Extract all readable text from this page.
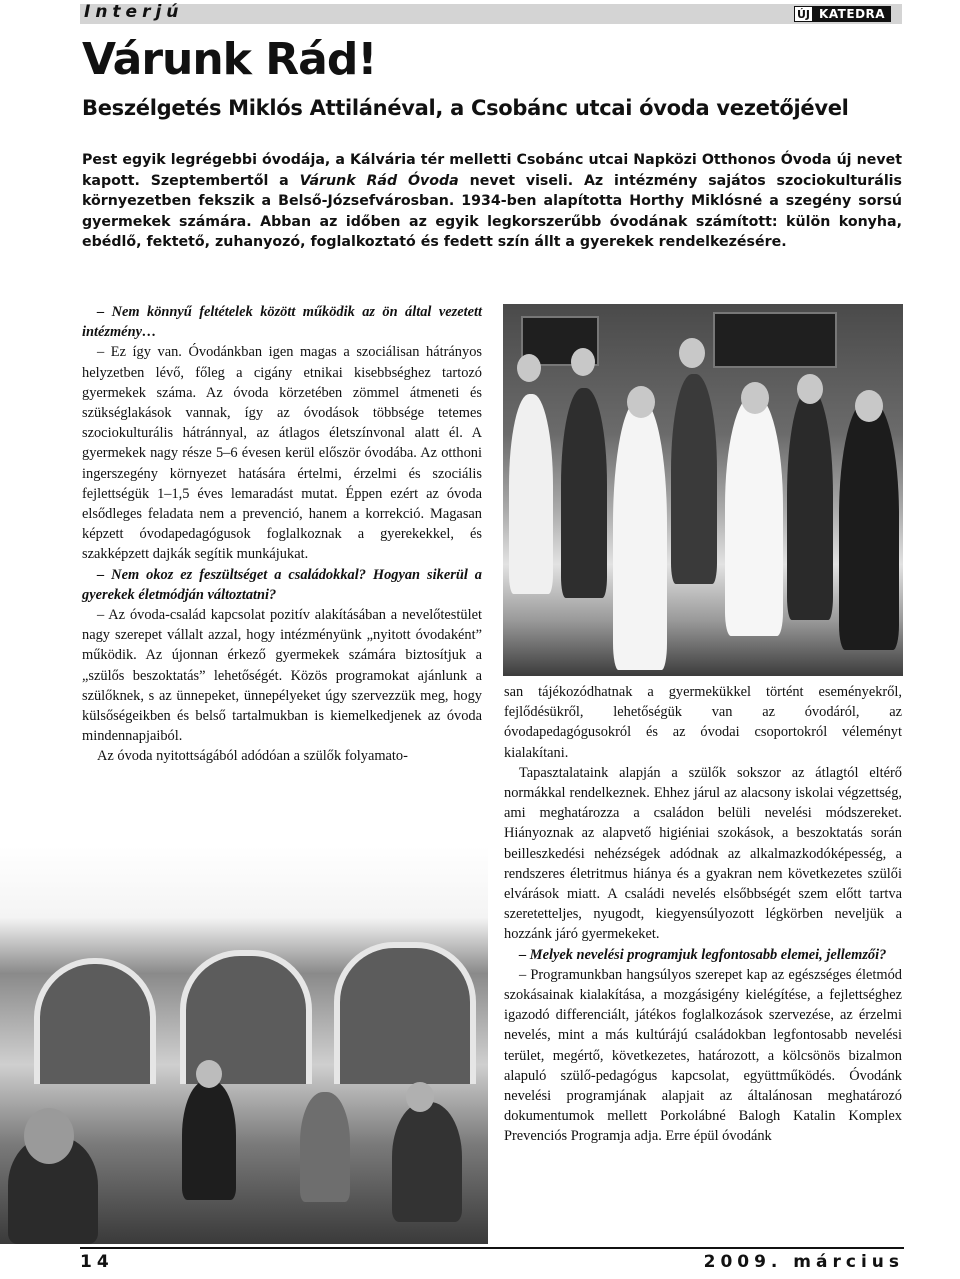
Interjú	ÚJ KATEDRA
Várunk Rád!
Beszélgetés Miklós Attilánéval, a Csobánc utcai óvoda vezetőjével

Pest egyik legrégebbi óvodája, a Kálvária tér melletti Csobánc utcai Napközi Otthonos Óvoda új nevet kapott. Szeptembertől a Várunk Rád Óvoda nevet viseli. Az intézmény sajátos szociokulturális környezetben fekszik a Belső-Józsefvárosban. 1934-ben alapította Horthy Miklósné a szegény sorsú gyermekek számára. Abban az időben az egyik legkorszerűbb óvodának számított: külön konyha, ebédlő, fektető, zuhanyozó, foglalkoztató és fedett szín állt a gyerekek rendelkezésére.

– Nem könnyű feltételek között működik az ön által vezetett intézmény…

– Ez így van. Óvodánkban igen magas a szociálisan hátrányos helyzetben lévő, főleg a cigány etnikai kisebbséghez tartozó gyermekek száma. Az óvoda körzetében zömmel átmeneti és szükséglakások vannak, így az óvodások többsége tetemes szociokulturális hátránnyal, az átlagos életszínvonal alatt él. A gyermekek nagy része 5–6 évesen kerül először óvodába. Az otthoni ingerszegény környezet hatására értelmi, érzelmi és szociális fejlettségük 1–1,5 éves lemaradást mutat. Éppen ezért az óvoda elsődleges feladata nem a prevenció, hanem a korrekció. Magasan képzett óvodapedagógusok foglalkoznak a gyerekekkel, és szakképzett dajkák segítik munkájukat.

– Nem okoz ez feszültséget a családokkal? Hogyan sikerül a gyerekek életmódján változtatni?

– Az óvoda-család kapcsolat pozitív alakításában a nevelőtestület nagy szerepet vállalt azzal, hogy intézményünk „nyitott óvodaként” működik. Az újonnan érkező gyermekek számára biztosítjuk a „szülős beszoktatás” lehetőségét. Közös programokat ajánlunk a szülőknek, s az ünnepeket, ünnepélyeket úgy szervezzük meg, hogy külsőségeikben és belső tartalmukban is kiemelkedjenek az óvoda mindennapjaiból.

Az óvoda nyitottságából adódóan a szülők folyamato-

san tájékozódhatnak a gyermekükkel történt eseményekről, fejlődésükről, lehetőségük van az óvodáról, az óvodapedagógusokról és az óvodai csoportokról véleményt kialakítani.

Tapasztalataink alapján a szülők sokszor az átlagtól eltérő normákkal rendelkeznek. Ehhez járul az alacsony iskolai végzettség, ami meghatározza a családon belüli nevelési módszereket. Hiányoznak az alapvető higiéniai szokások, a beszoktatás során beilleszkedési nehézségek adódnak az alkalmazkodóképesség, a rendszeres életritmus hiánya és a gyakran nem következetes szülői elvárások miatt. A családi nevelés elsőbbségét szem előtt tartva szeretetteljes, nyugodt, kiegyensúlyozott légkörben neveljük a hozzánk járó gyermekeket.

– Melyek nevelési programjuk legfontosabb elemei, jellemzői?

– Programunkban hangsúlyos szerepet kap az egészséges életmód szokásainak kialakítása, a mozgásigény kielégítése, a fejlettséghez igazodó differenciált, játékos foglalkozások szervezése, az érzelmi nevelés, mint a más kultúrájú családokban legfontosabb nevelési terület, megértő, következetes, határozott, a kölcsönös bizalmon alapuló szülő-pedagógus kapcsolat, együttműködés. Óvodánk nevelési programjának alapjait az általánosan meghatározó dokumentumok mellett Porkolábné Balogh Katalin Komplex Prevenciós Programja adja. Erre épül óvodánk

14	2009. március
